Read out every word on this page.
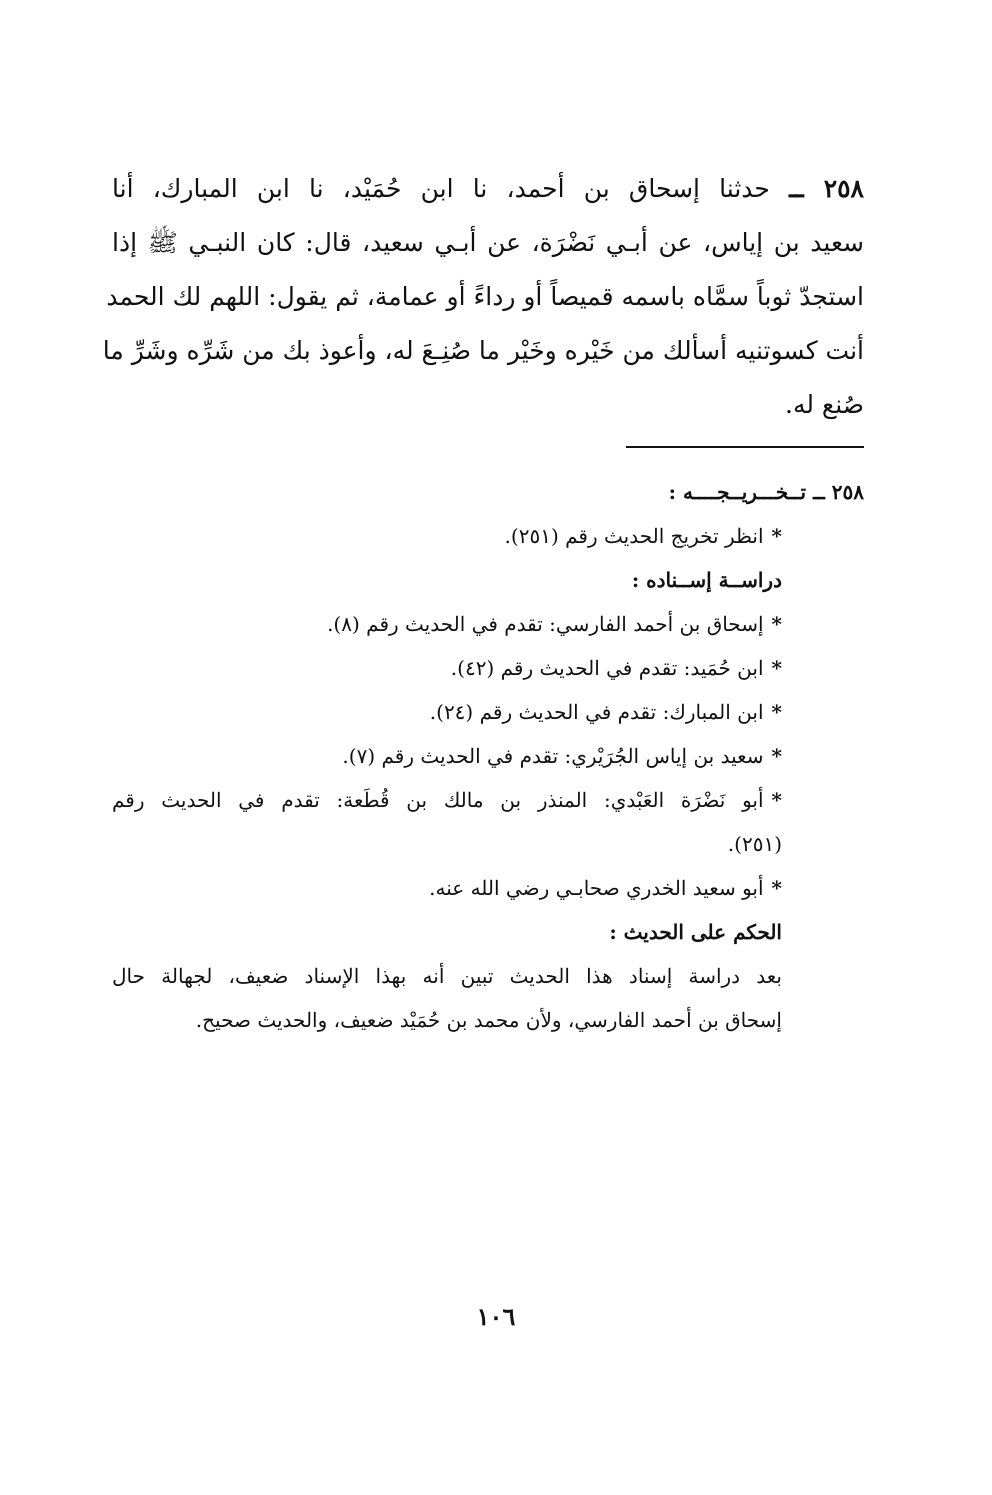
٢٥٨ ــ حدثنا إسحاق بن أحمد، نا ابن حُمَيْد، نا ابن المبارك، أنا
سعيد بن إياس، عن أبـي نَضْرَة، عن أبـي سعيد، قال: كان النبـي ﷺ إذا
استجدّ ثوباً سمَّاه باسمه قميصاً أو رداءً أو عمامة، ثم يقول: اللهم لك الحمد
أنت كسوتنيه أسألك من خَيْره وخَيْر ما صُنِـعَ له، وأعوذ بك من شَرِّه وشَرِّ ما
صُنع له.
٢٥٨ ــ تــخـــريــجــــه :
*انظر تخريج الحديث رقم (٢٥١).
دراســة إســناده :
*إسحاق بن أحمد الفارسي: تقدم في الحديث رقم (٨).
*ابن حُمَيد: تقدم في الحديث رقم (٤٢).
*ابن المبارك: تقدم في الحديث رقم (٢٤).
*سعيد بن إياس الجُرَيْري: تقدم في الحديث رقم (٧).
*أبو نَضْرَة العَبْدي: المنذر بن مالك بن قُطَعة: تقدم في الحديث رقم
(٢٥١).
*أبو سعيد الخدري صحابـي رضي الله عنه.
الحكم على الحديث :
بعد دراسة إسناد هذا الحديث تبين أنه بهذا الإسناد ضعيف، لجهالة حال
إسحاق بن أحمد الفارسي، ولأن محمد بن حُمَيْد ضعيف، والحديث صحيح.
١٠٦
